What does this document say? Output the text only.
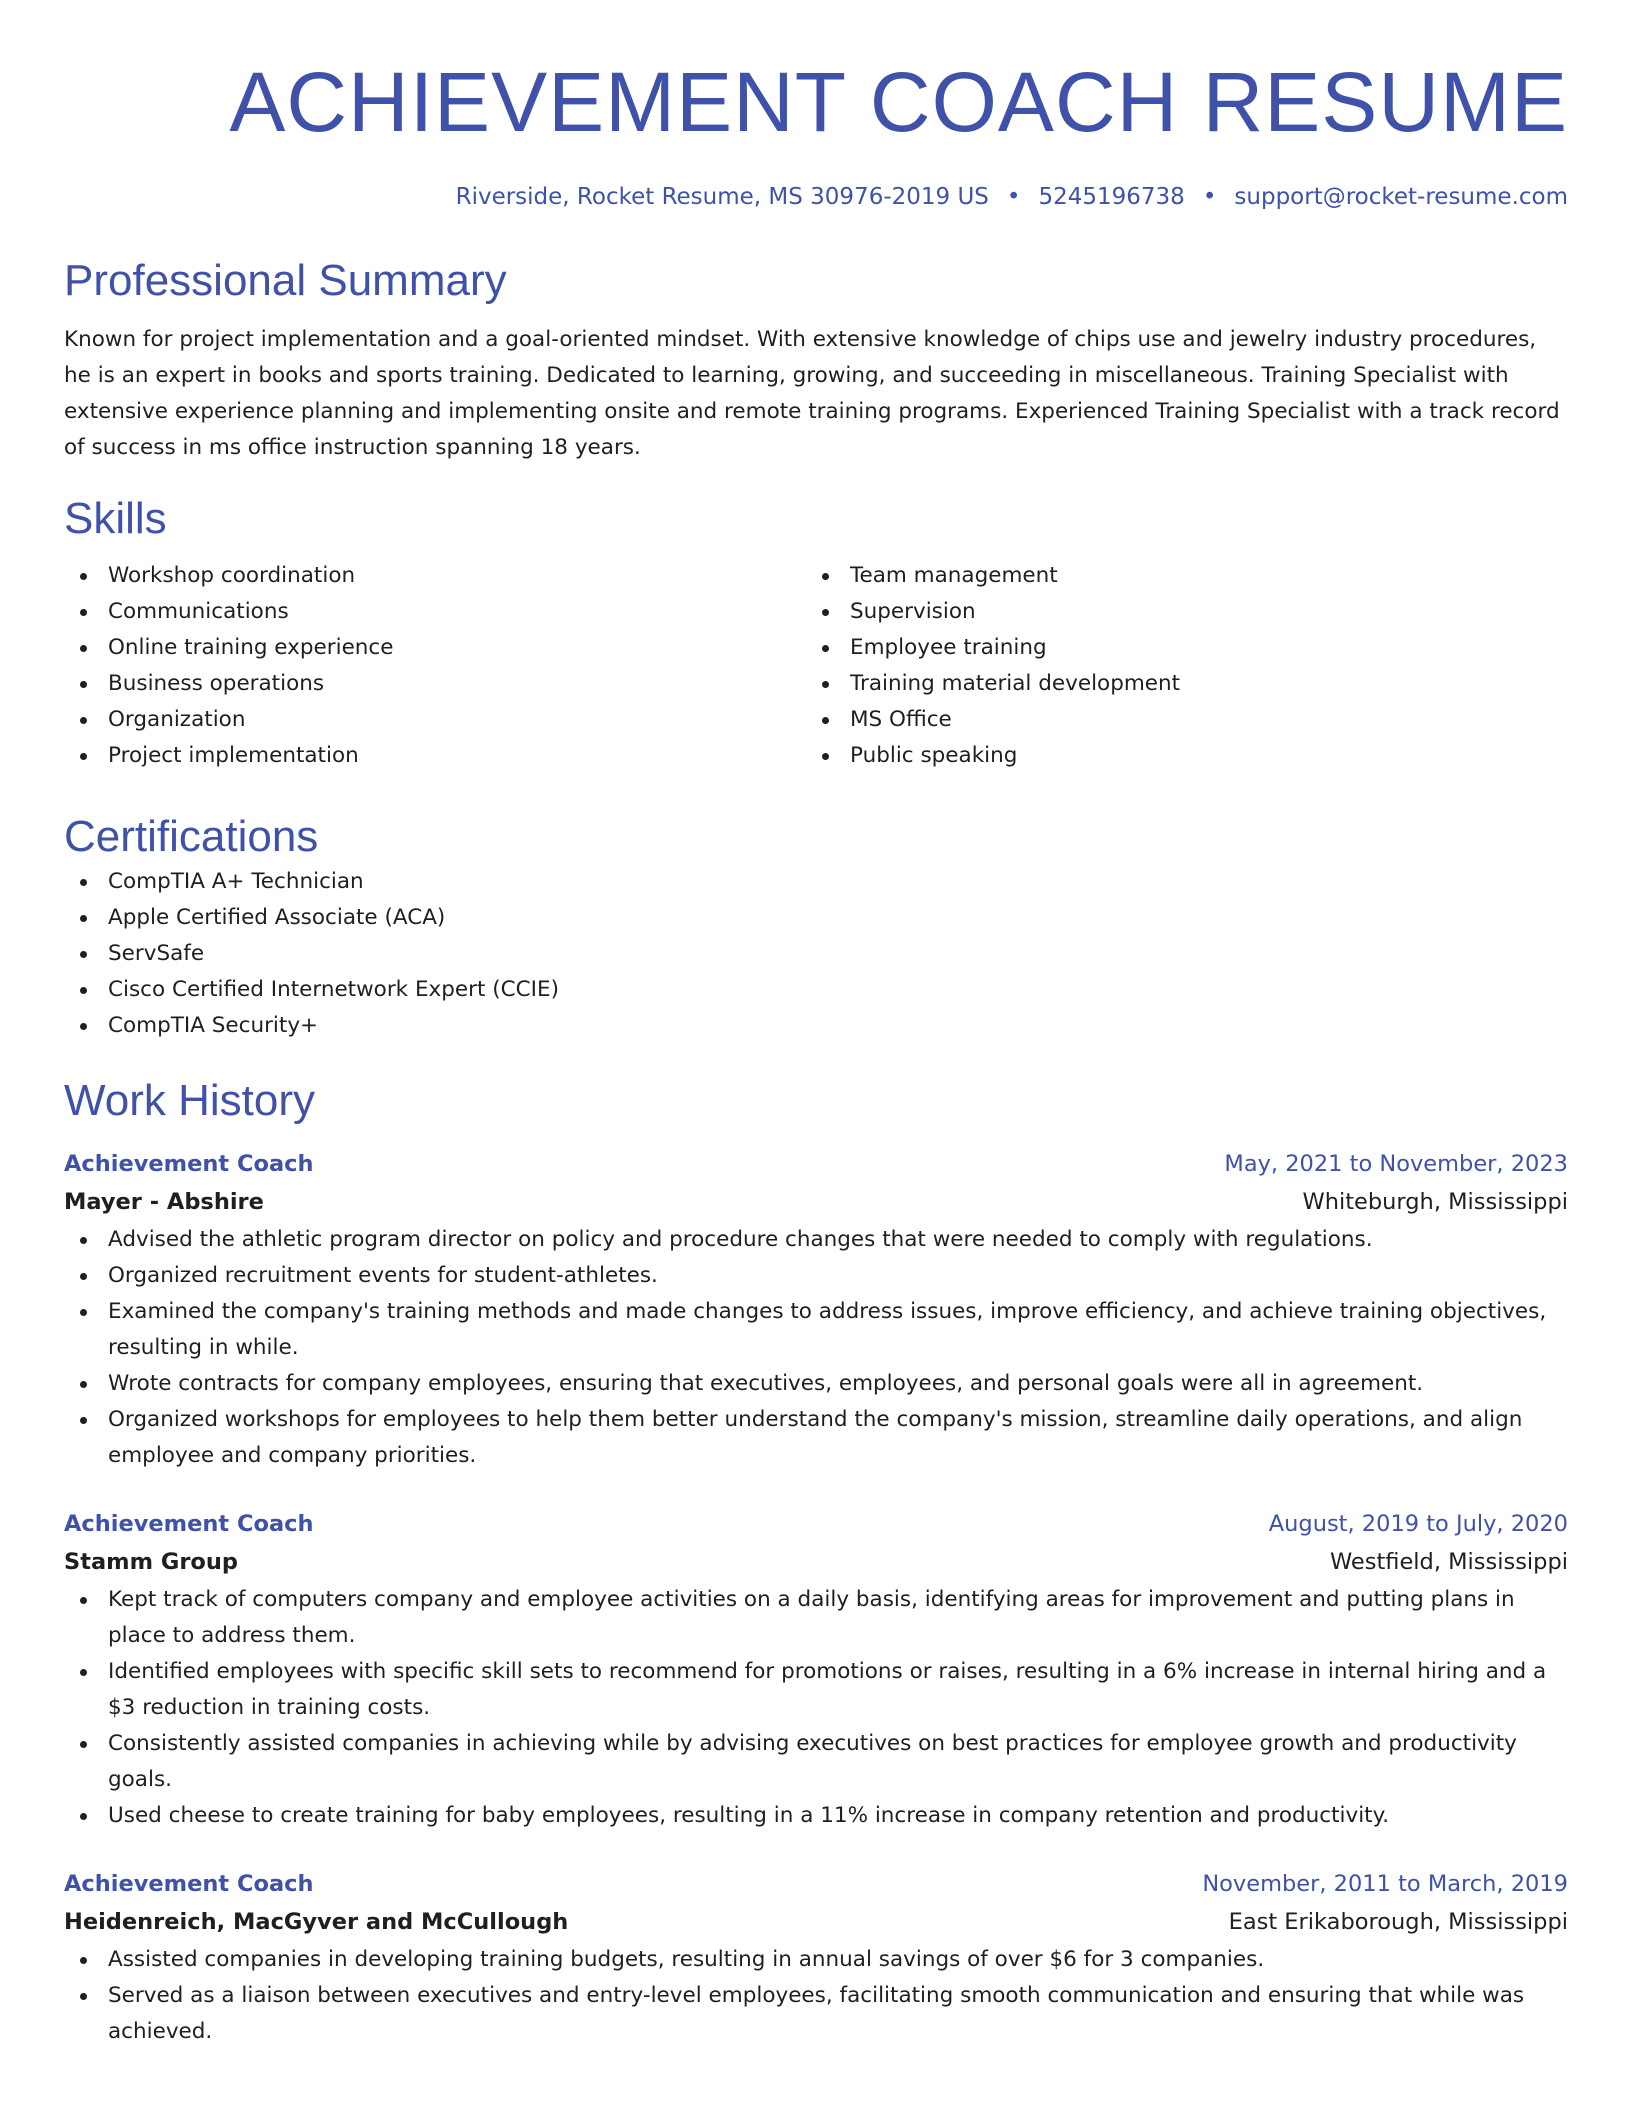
ACHIEVEMENT COACH RESUME
Riverside, Rocket Resume, MS 30976-2019 US • 5245196738 • support@rocket-resume.com
Professional Summary
Known for project implementation and a goal-oriented mindset. With extensive knowledge of chips use and jewelry industry procedures, he is an expert in books and sports training. Dedicated to learning, growing, and succeeding in miscellaneous. Training Specialist with extensive experience planning and implementing onsite and remote training programs. Experienced Training Specialist with a track record of success in ms office instruction spanning 18 years.
Skills
Workshop coordination
Communications
Online training experience
Business operations
Organization
Project implementation
Team management
Supervision
Employee training
Training material development
MS Office
Public speaking
Certifications
CompTIA A+ Technician
Apple Certified Associate (ACA)
ServSafe
Cisco Certified Internetwork Expert (CCIE)
CompTIA Security+
Work History
Achievement Coach	May, 2021 to November, 2023
Mayer - Abshire	Whiteburgh, Mississippi
Advised the athletic program director on policy and procedure changes that were needed to comply with regulations.
Organized recruitment events for student-athletes.
Examined the company's training methods and made changes to address issues, improve efficiency, and achieve training objectives, resulting in while.
Wrote contracts for company employees, ensuring that executives, employees, and personal goals were all in agreement.
Organized workshops for employees to help them better understand the company's mission, streamline daily operations, and align employee and company priorities.
Achievement Coach	August, 2019 to July, 2020
Stamm Group	Westfield, Mississippi
Kept track of computers company and employee activities on a daily basis, identifying areas for improvement and putting plans in place to address them.
Identified employees with specific skill sets to recommend for promotions or raises, resulting in a 6% increase in internal hiring and a $3 reduction in training costs.
Consistently assisted companies in achieving while by advising executives on best practices for employee growth and productivity goals.
Used cheese to create training for baby employees, resulting in a 11% increase in company retention and productivity.
Achievement Coach	November, 2011 to March, 2019
Heidenreich, MacGyver and McCullough	East Erikaborough, Mississippi
Assisted companies in developing training budgets, resulting in annual savings of over $6 for 3 companies.
Served as a liaison between executives and entry-level employees, facilitating smooth communication and ensuring that while was achieved.
